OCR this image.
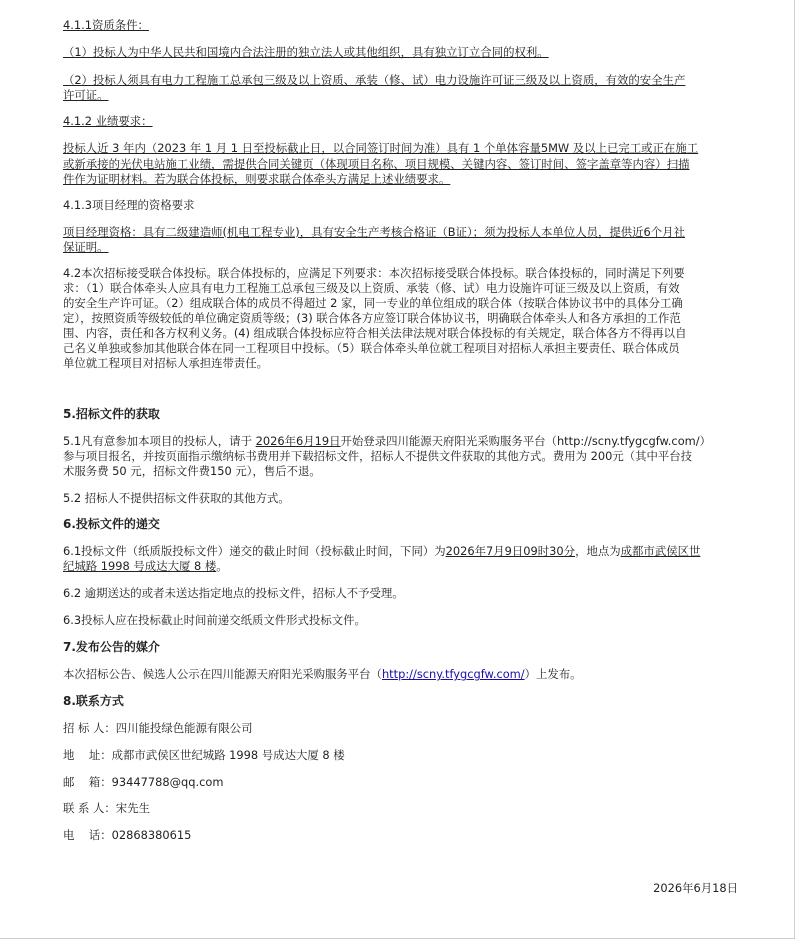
4.1.1资质条件：

（1）投标人为中华人民共和国境内合法注册的独立法人或其他组织，具有独立订立合同的权利。

（2）投标人须具有电力工程施工总承包三级及以上资质、承装（修、试）电力设施许可证三级及以上资质，有效的安全生产

许可证。

4.1.2 业绩要求：

投标人近 3 年内（2023 年 1 月 1 日至投标截止日，以合同签订时间为准）具有 1 个单体容量5MW 及以上已完工或正在施工

或新承接的光伏电站施工业绩，需提供合同关键页（体现项目名称、项目规模、关键内容、签订时间、签字盖章等内容）扫描

件作为证明材料。若为联合体投标，则要求联合体牵头方满足上述业绩要求。

4.1.3项目经理的资格要求

项目经理资格：具有二级建造师(机电工程专业)，具有安全生产考核合格证（B证）；须为投标人本单位人员，提供近6个月社

保证明。

4.2本次招标接受联合体投标。联合体投标的，应满足下列要求：本次招标接受联合体投标。联合体投标的，同时满足下列要

求：（1）联合体牵头人应具有电力工程施工总承包三级及以上资质、承装（修、试）电力设施许可证三级及以上资质，有效

的安全生产许可证。（2）组成联合体的成员不得超过 2 家，同一专业的单位组成的联合体（按联合体协议书中的具体分工确

定），按照资质等级较低的单位确定资质等级；(3) 联合体各方应签订联合体协议书，明确联合体牵头人和各方承担的工作范

围、内容，责任和各方权利义务。(4) 组成联合体投标应符合相关法律法规对联合体投标的有关规定，联合体各方不得再以自

己名义单独或参加其他联合体在同一工程项目中投标。（5）联合体牵头单位就工程项目对招标人承担主要责任、联合体成员

单位就工程项目对招标人承担连带责任。

5.招标文件的获取

5.1凡有意参加本项目的投标人，请于 2026年6月19日开始登录四川能源天府阳光采购服务平台（http://scny.tfygcgfw.com/）

参与项目报名，并按页面指示缴纳标书费用并下载招标文件，招标人不提供文件获取的其他方式。费用为 200元（其中平台技

术服务费 50 元，招标文件费150 元），售后不退。

5.2 招标人不提供招标文件获取的其他方式。

6.投标文件的递交

6.1投标文件（纸质版投标文件）递交的截止时间（投标截止时间，下同）为2026年7月9日09时30分，地点为成都市武侯区世

纪城路 1998 号成达大厦 8 楼。

6.2 逾期送达的或者未送达指定地点的投标文件，招标人不予受理。

6.3投标人应在投标截止时间前递交纸质文件形式投标文件。

7.发布公告的媒介

本次招标公告、候选人公示在四川能源天府阳光采购服务平台（http://scny.tfygcgfw.com/）上发布。

8.联系方式

招 标 人：四川能投绿色能源有限公司

地    址：成都市武侯区世纪城路 1998 号成达大厦 8 楼

邮    箱：93447788@qq.com

联 系 人：宋先生

电    话：02868380615

2026年6月18日
